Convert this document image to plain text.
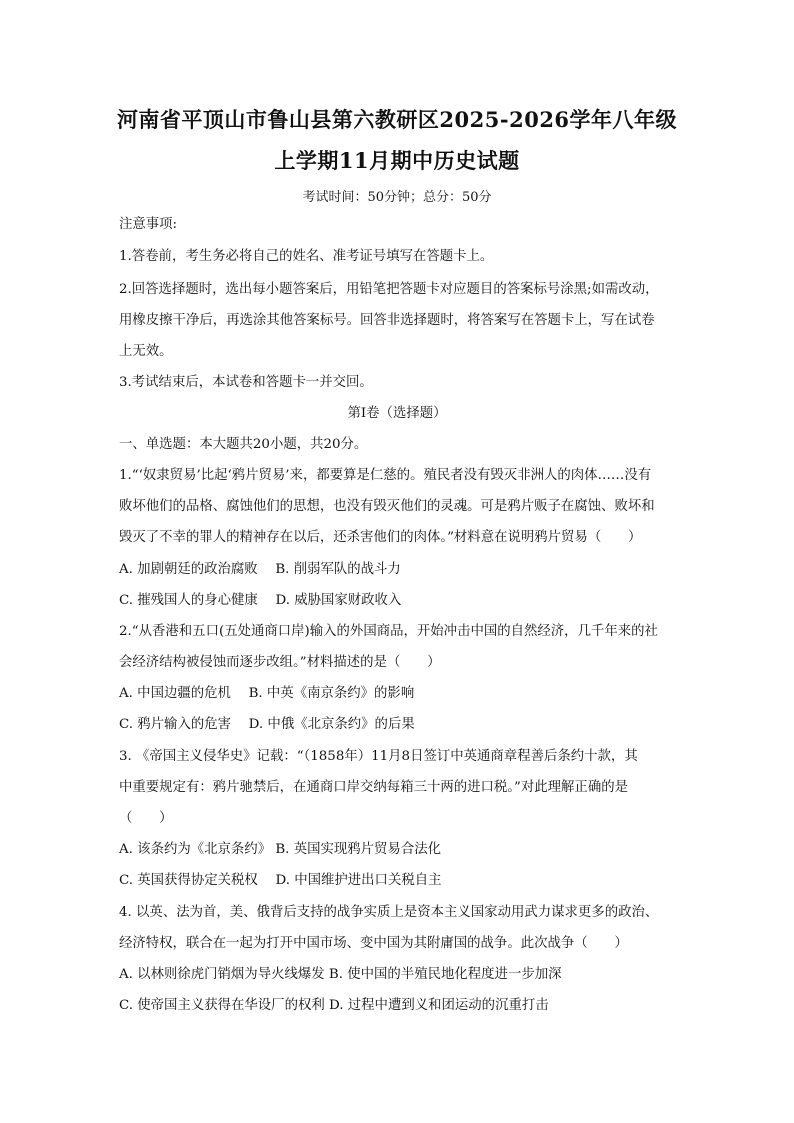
河南省平顶山市鲁山县第六教研区2025-2026学年八年级
上学期11月期中历史试题
考试时间：50分钟；总分：50分
注意事项:
1.答卷前，考生务必将自己的姓名、准考证号填写在答题卡上。
2.回答选择题时，选出每小题答案后，用铅笔把答题卡对应题目的答案标号涂黑;如需改动，
用橡皮擦干净后，再选涂其他答案标号。回答非选择题时，将答案写在答题卡上，写在试卷
上无效。
3.考试结束后，本试卷和答题卡一并交回。
第Ⅰ卷（选择题）
一、单选题：本大题共20小题，共20分。
1.“‘奴隶贸易’比起‘鸦片贸易’来，都要算是仁慈的。殖民者没有毁灭非洲人的肉体……没有
败坏他们的品格、腐蚀他们的思想，也没有毁灭他们的灵魂。可是鸦片贩子在腐蚀、败坏和
毁灭了不幸的罪人的精神存在以后，还杀害他们的肉体。”材料意在说明鸦片贸易（　　）
A. 加剧朝廷的政治腐败　 B. 削弱军队的战斗力
C. 摧残国人的身心健康　 D. 威胁国家财政收入
2.“从香港和五口(五处通商口岸)输入的外国商品，开始冲击中国的自然经济，几千年来的社
会经济结构被侵蚀而逐步改组。”材料描述的是（　　）
A. 中国边疆的危机　 B. 中英《南京条约》的影响
C. 鸦片输入的危害　 D. 中俄《北京条约》的后果
3. 《帝国主义侵华史》记载：“（1858年）11月8日签订中英通商章程善后条约十款，其
中重要规定有：鸦片驰禁后，在通商口岸交纳每箱三十两的进口税。”对此理解正确的是
（　　）
A. 该条约为《北京条约》 B. 英国实现鸦片贸易合法化
C. 英国获得协定关税权　 D. 中国维护进出口关税自主
4. 以英、法为首，美、俄背后支持的战争实质上是资本主义国家动用武力谋求更多的政治、
经济特权，联合在一起为打开中国市场、变中国为其附庸国的战争。此次战争（　　）
A. 以林则徐虎门销烟为导火线爆发 B. 使中国的半殖民地化程度进一步加深
C. 使帝国主义获得在华设厂的权利 D. 过程中遭到义和团运动的沉重打击
